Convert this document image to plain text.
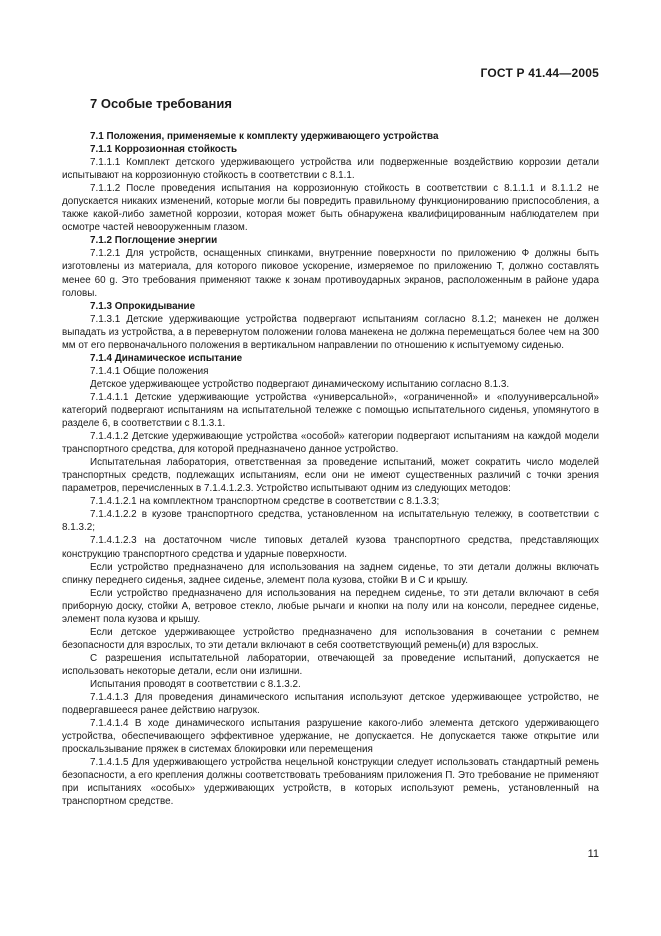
ГОСТ Р 41.44—2005
7 Особые требования

7.1 Положения, применяемые к комплекту удерживающего устройства

7.1.1 Коррозионная стойкость

7.1.1.1 Комплект детского удерживающего устройства или подверженные воздействию коррозии детали испытывают на коррозионную стойкость в соответствии с 8.1.1.

7.1.1.2 После проведения испытания на коррозионную стойкость в соответствии с 8.1.1.1 и 8.1.1.2 не допускается никаких изменений, которые могли бы повредить правильному функционированию приспособления, а также какой-либо заметной коррозии, которая может быть обнаружена квалифицированным наблюдателем при осмотре частей невооруженным глазом.

7.1.2 Поглощение энергии

7.1.2.1 Для устройств, оснащенных спинками, внутренние поверхности по приложению Ф должны быть изготовлены из материала, для которого пиковое ускорение, измеряемое по приложению Т, должно составлять менее 60 g. Это требования применяют также к зонам противоударных экранов, расположенным в районе удара головы.

7.1.3 Опрокидывание

7.1.3.1 Детские удерживающие устройства подвергают испытаниям согласно 8.1.2; манекен не должен выпадать из устройства, а в перевернутом положении голова манекена не должна перемещаться более чем на 300 мм от его первоначального положения в вертикальном направлении по отношению к испытуемому сиденью.

7.1.4 Динамическое испытание

7.1.4.1 Общие положения

Детское удерживающее устройство подвергают динамическому испытанию согласно 8.1.3.

7.1.4.1.1 Детские удерживающие устройства «универсальной», «ограниченной» и «полууниверсальной» категорий подвергают испытаниям на испытательной тележке с помощью испытательного сиденья, упомянутого в разделе 6, в соответствии с 8.1.3.1.

7.1.4.1.2 Детские удерживающие устройства «особой» категории подвергают испытаниям на каждой модели транспортного средства, для которой предназначено данное устройство.

Испытательная лаборатория, ответственная за проведение испытаний, может сократить число моделей транспортных средств, подлежащих испытаниям, если они не имеют существенных различий с точки зрения параметров, перечисленных в 7.1.4.1.2.3. Устройство испытывают одним из следующих методов:

7.1.4.1.2.1 на комплектном транспортном средстве в соответствии с 8.1.3.3;

7.1.4.1.2.2 в кузове транспортного средства, установленном на испытательную тележку, в соответствии с 8.1.3.2;

7.1.4.1.2.3 на достаточном числе типовых деталей кузова транспортного средства, представляющих конструкцию транспортного средства и ударные поверхности.

Если устройство предназначено для использования на заднем сиденье, то эти детали должны включать спинку переднего сиденья, заднее сиденье, элемент пола кузова, стойки В и С и крышу.

Если устройство предназначено для использования на переднем сиденье, то эти детали включают в себя приборную доску, стойки А, ветровое стекло, любые рычаги и кнопки на полу или на консоли, переднее сиденье, элемент пола кузова и крышу.

Если детское удерживающее устройство предназначено для использования в сочетании с ремнем безопасности для взрослых, то эти детали включают в себя соответствующий ремень(и) для взрослых.

С разрешения испытательной лаборатории, отвечающей за проведение испытаний, допускается не использовать некоторые детали, если они излишни.

Испытания проводят в соответствии с 8.1.3.2.

7.1.4.1.3 Для проведения динамического испытания используют детское удерживающее устройство, не подвергавшееся ранее действию нагрузок.

7.1.4.1.4 В ходе динамического испытания разрушение какого-либо элемента детского удерживающего устройства, обеспечивающего эффективное удержание, не допускается. Не допускается также открытие или проскальзывание пряжек в системах блокировки или перемещения

7.1.4.1.5 Для удерживающего устройства нецельной конструкции следует использовать стандартный ремень безопасности, а его крепления должны соответствовать требованиям приложения П. Это требование не применяют при испытаниях «особых» удерживающих устройств, в которых используют ремень, установленный на транспортном средстве.

11
